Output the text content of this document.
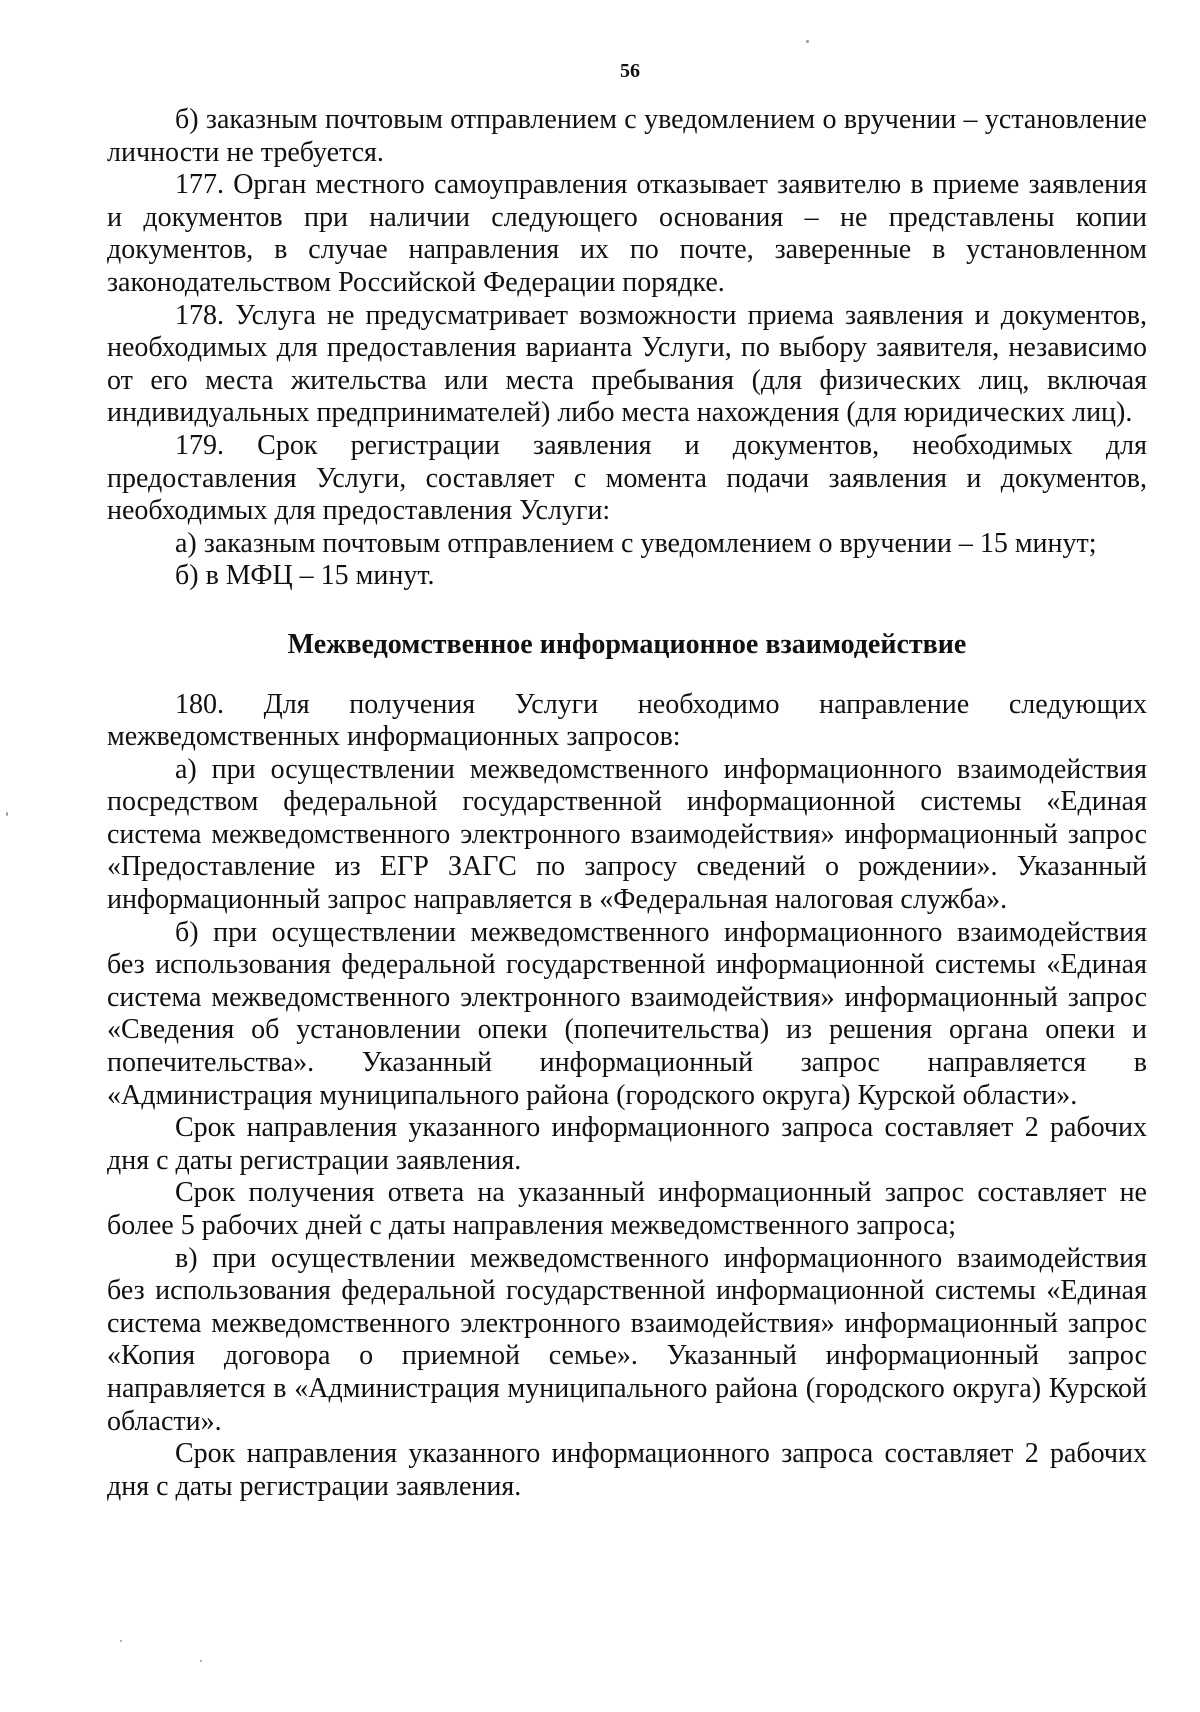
56

б) заказным почтовым отправлением с уведомлением о вручении – установление личности не требуется.

177. Орган местного самоуправления отказывает заявителю в приеме заявления и документов при наличии следующего основания – не представлены копии документов, в случае направления их по почте, заверенные в установленном законодательством Российской Федерации порядке.

178. Услуга не предусматривает возможности приема заявления и документов, необходимых для предоставления варианта Услуги, по выбору заявителя, независимо от его места жительства или места пребывания (для физических лиц, включая индивидуальных предпринимателей) либо места нахождения (для юридических лиц).

179. Срок регистрации заявления и документов, необходимых для предоставления Услуги, составляет с момента подачи заявления и документов, необходимых для предоставления Услуги:

а) заказным почтовым отправлением с уведомлением о вручении – 15 минут;

б) в МФЦ – 15 минут.

Межведомственное информационное взаимодействие

180. Для получения Услуги необходимо направление следующих межведомственных информационных запросов:

а) при осуществлении межведомственного информационного взаимодействия посредством федеральной государственной информационной системы «Единая система межведомственного электронного взаимодействия» информационный запрос «Предоставление из ЕГР ЗАГС по запросу сведений о рождении». Указанный информационный запрос направляется в «Федеральная налоговая служба».

б) при осуществлении межведомственного информационного взаимодействия без использования федеральной государственной информационной системы «Единая система межведомственного электронного взаимодействия» информационный запрос «Сведения об установлении опеки (попечительства) из решения органа опеки и попечительства». Указанный информационный запрос направляется в «Администрация муниципального района (городского округа) Курской области».

Срок направления указанного информационного запроса составляет 2 рабочих дня с даты регистрации заявления.

Срок получения ответа на указанный информационный запрос составляет не более 5 рабочих дней с даты направления межведомственного запроса;

в) при осуществлении межведомственного информационного взаимодействия без использования федеральной государственной информационной системы «Единая система межведомственного электронного взаимодействия» информационный запрос «Копия договора о приемной семье». Указанный информационный запрос направляется в «Администрация муниципального района (городского округа) Курской области».

Срок направления указанного информационного запроса составляет 2 рабочих дня с даты регистрации заявления.
